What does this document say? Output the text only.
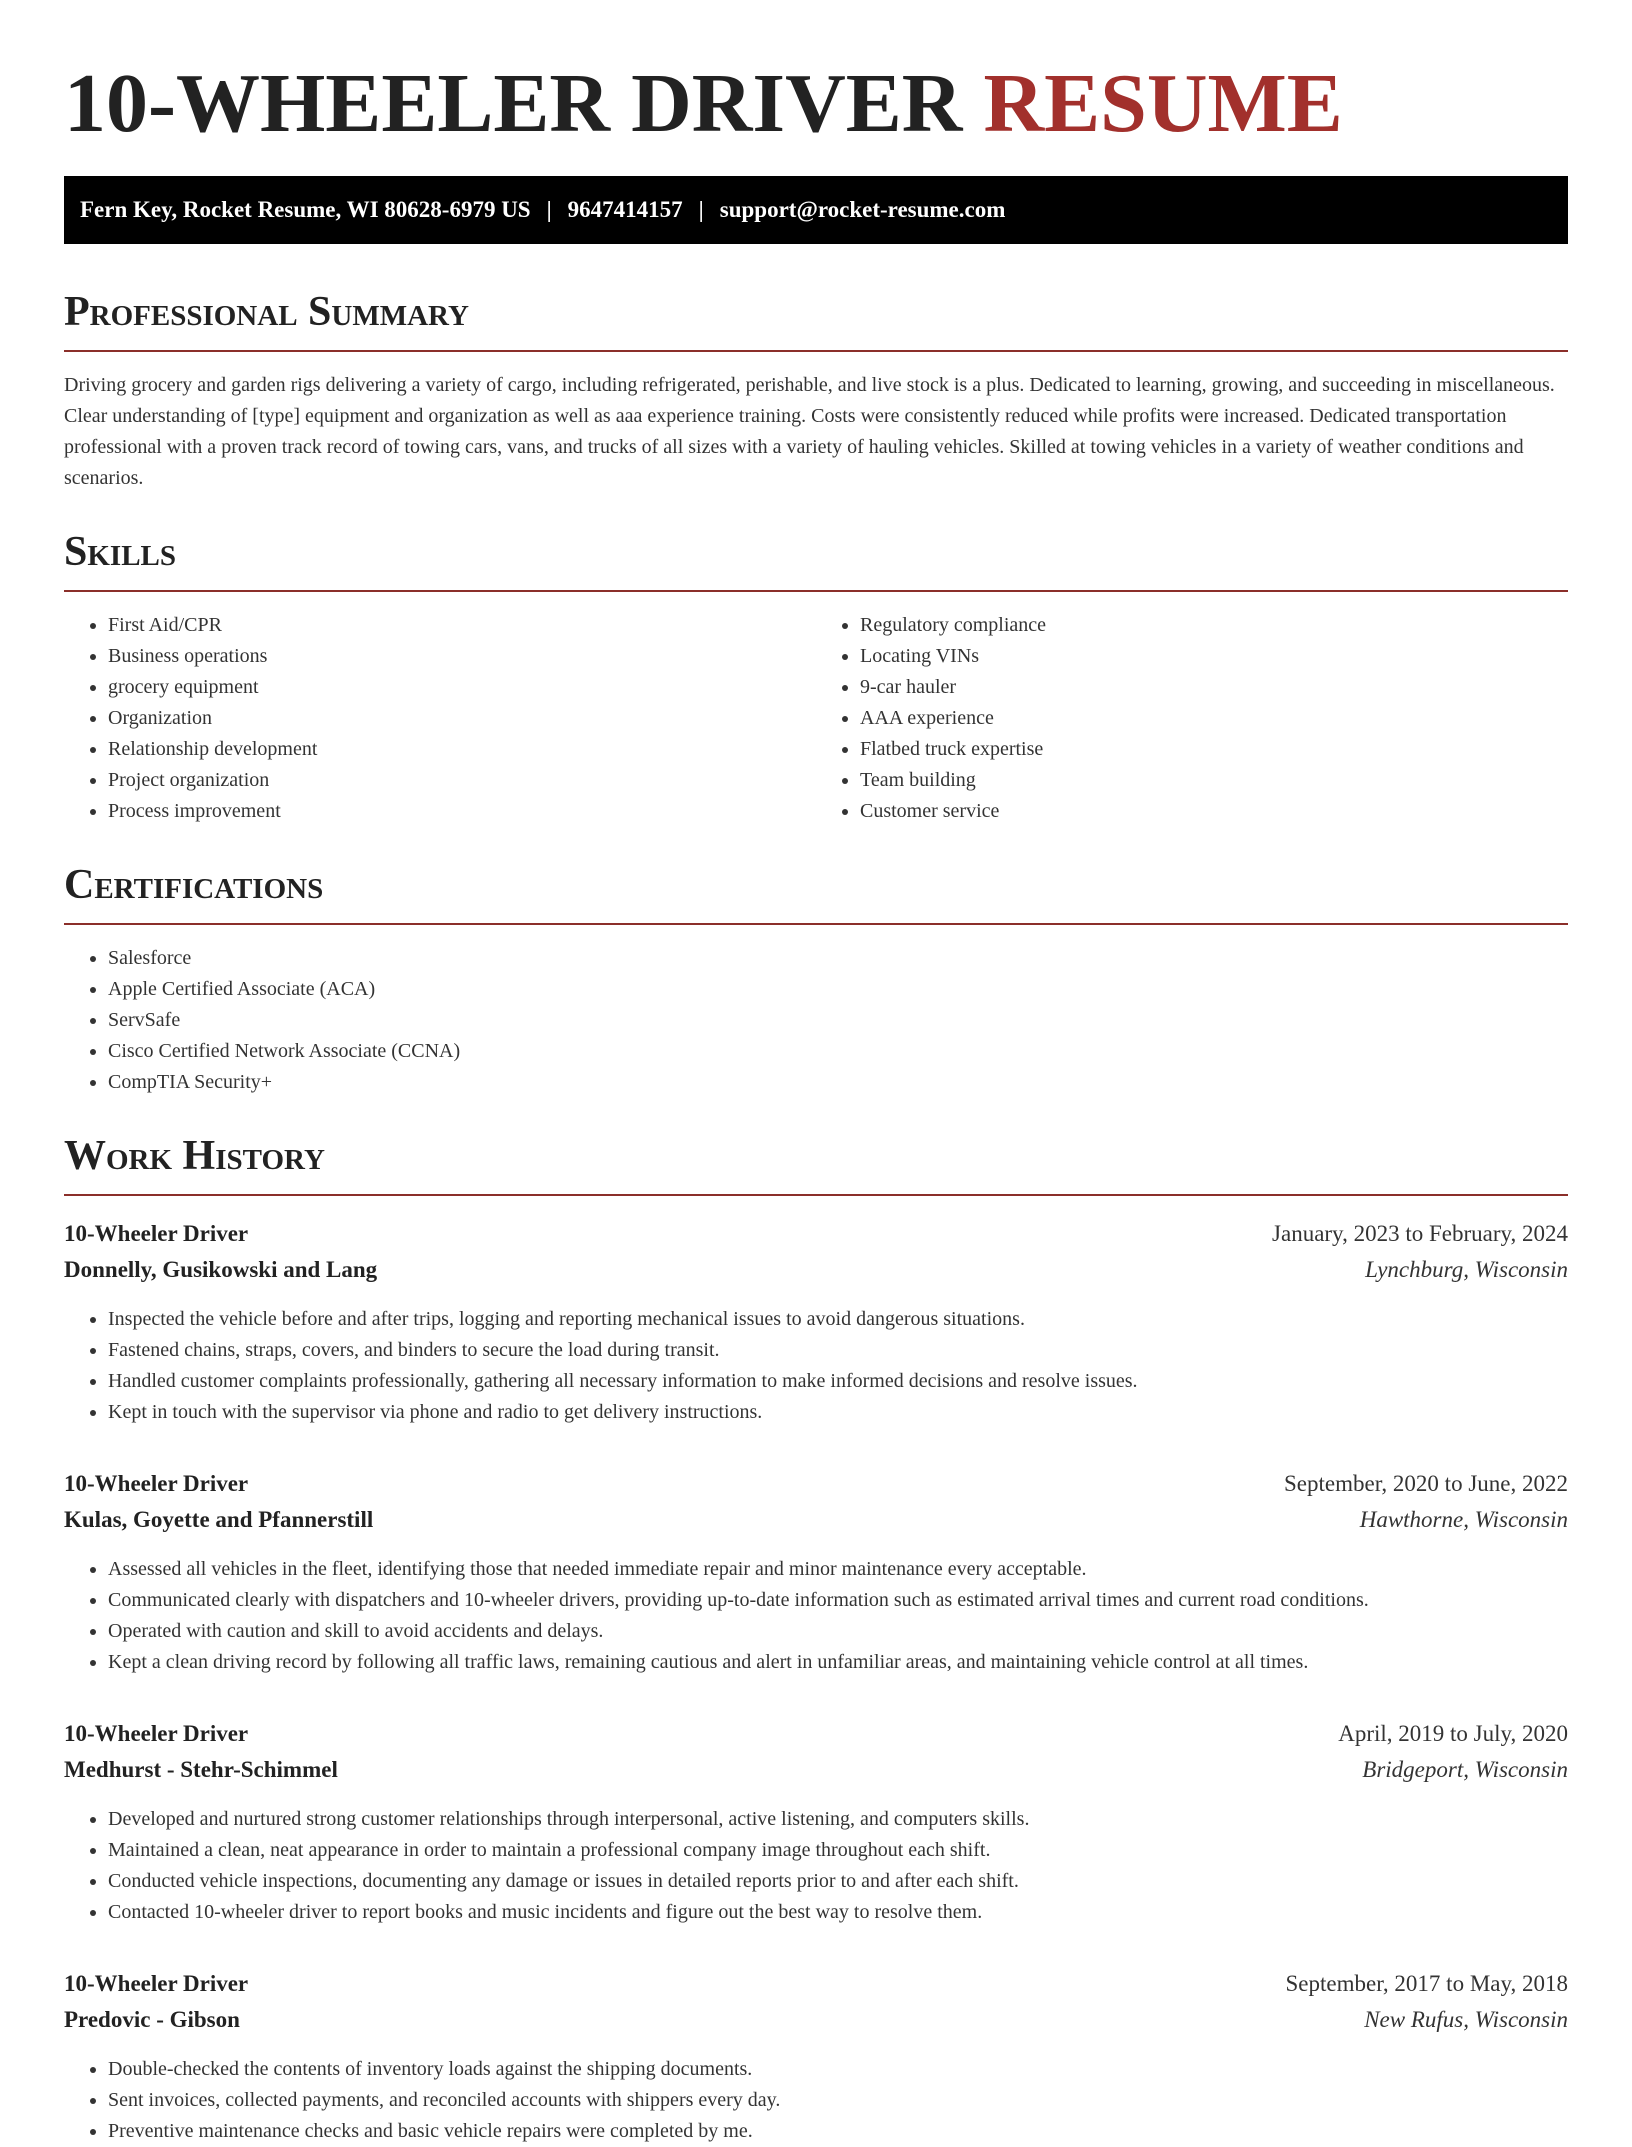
10-WHEELER DRIVER RESUME
Fern Key, Rocket Resume, WI 80628-6979 US | 9647414157 | support@rocket-resume.com
Professional Summary

Driving grocery and garden rigs delivering a variety of cargo, including refrigerated, perishable, and live stock is a plus. Dedicated to learning, growing, and succeeding in miscellaneous. Clear understanding of [type] equipment and organization as well as aaa experience training. Costs were consistently reduced while profits were increased. Dedicated transportation professional with a proven track record of towing cars, vans, and trucks of all sizes with a variety of hauling vehicles. Skilled at towing vehicles in a variety of weather conditions and scenarios.

Skills
• First Aid/CPR
• Business operations
• grocery equipment
• Organization
• Relationship development
• Project organization
• Process improvement
• Regulatory compliance
• Locating VINs
• 9-car hauler
• AAA experience
• Flatbed truck expertise
• Team building
• Customer service
Certifications
• Salesforce
• Apple Certified Associate (ACA)
• ServSafe
• Cisco Certified Network Associate (CCNA)
• CompTIA Security+
Work History
10-Wheeler Driver	January, 2023 to February, 2024
Donnelly, Gusikowski and Lang	Lynchburg, Wisconsin
• Inspected the vehicle before and after trips, logging and reporting mechanical issues to avoid dangerous situations.
• Fastened chains, straps, covers, and binders to secure the load during transit.
• Handled customer complaints professionally, gathering all necessary information to make informed decisions and resolve issues.
• Kept in touch with the supervisor via phone and radio to get delivery instructions.
10-Wheeler Driver	September, 2020 to June, 2022
Kulas, Goyette and Pfannerstill	Hawthorne, Wisconsin
• Assessed all vehicles in the fleet, identifying those that needed immediate repair and minor maintenance every acceptable.
• Communicated clearly with dispatchers and 10-wheeler drivers, providing up-to-date information such as estimated arrival times and current road conditions.
• Operated with caution and skill to avoid accidents and delays.
• Kept a clean driving record by following all traffic laws, remaining cautious and alert in unfamiliar areas, and maintaining vehicle control at all times.
10-Wheeler Driver	April, 2019 to July, 2020
Medhurst - Stehr-Schimmel	Bridgeport, Wisconsin
• Developed and nurtured strong customer relationships through interpersonal, active listening, and computers skills.
• Maintained a clean, neat appearance in order to maintain a professional company image throughout each shift.
• Conducted vehicle inspections, documenting any damage or issues in detailed reports prior to and after each shift.
• Contacted 10-wheeler driver to report books and music incidents and figure out the best way to resolve them.
10-Wheeler Driver	September, 2017 to May, 2018
Predovic - Gibson	New Rufus, Wisconsin
• Double-checked the contents of inventory loads against the shipping documents.
• Sent invoices, collected payments, and reconciled accounts with shippers every day.
• Preventive maintenance checks and basic vehicle repairs were completed by me.
